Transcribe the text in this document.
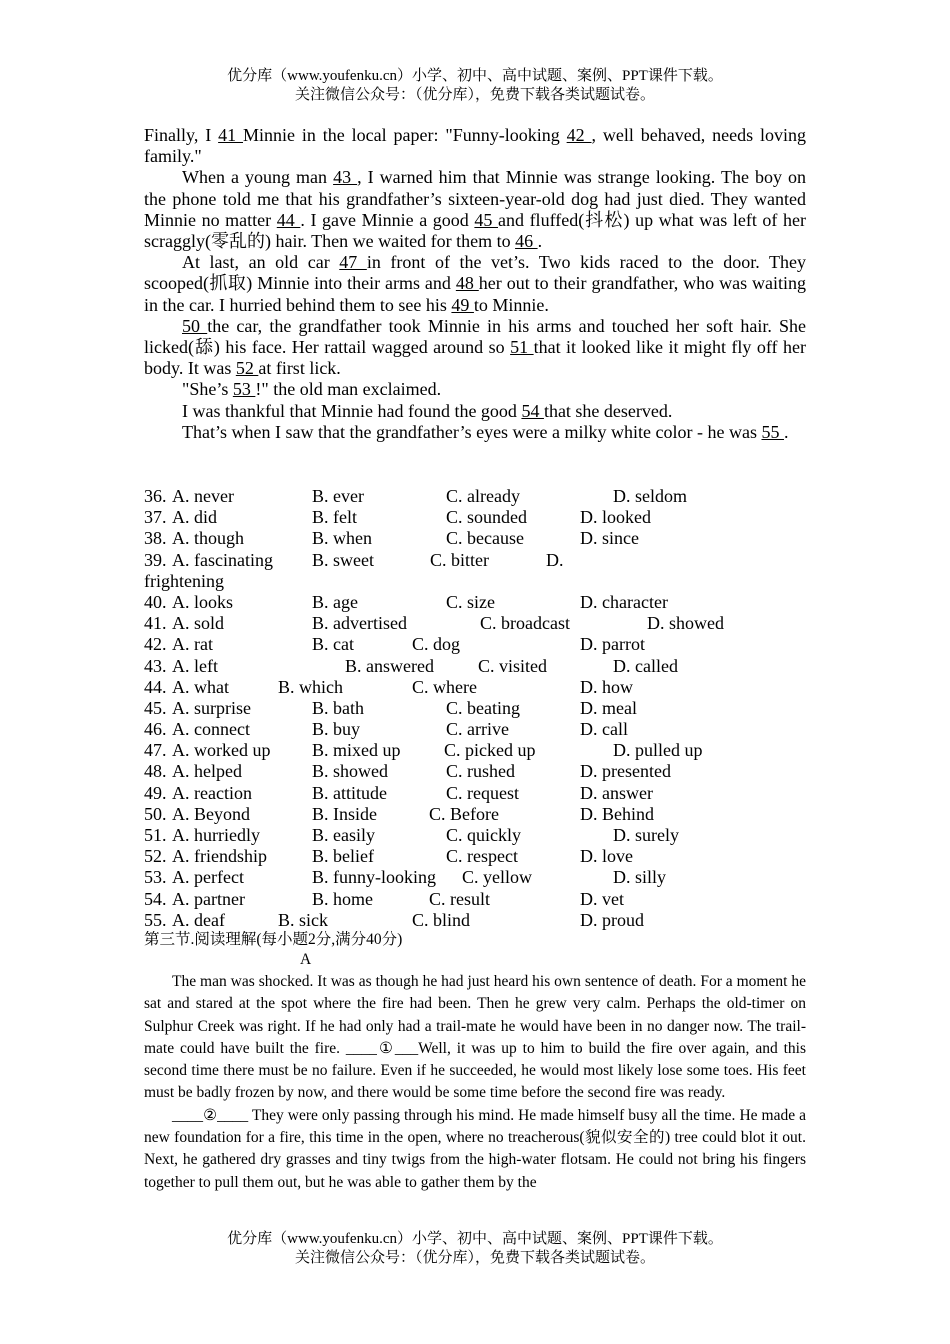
优分库（www.youfenku.cn）小学、初中、高中试题、案例、PPT课件下载。
关注微信公众号：（优分库），免费下载各类试题试卷。

Finally, I 41 Minnie in the local paper: "Funny-looking 42 , well behaved, needs loving family."

When a young man 43 , I warned him that Minnie was strange looking. The boy on the phone told me that his grandfather’s sixteen-year-old dog had just died. They wanted Minnie no matter 44 . I gave Minnie a good 45 and fluffed(抖松) up what was left of her scraggly(零乱的) hair. Then we waited for them to 46 .

At last, an old car 47 in front of the vet’s. Two kids raced to the door. They scooped(抓取) Minnie into their arms and 48 her out to their grandfather, who was waiting in the car. I hurried behind them to see his 49 to Minnie.

50 the car, the grandfather took Minnie in his arms and touched her soft hair. She licked(舔) his face. Her rattail wagged around so 51 that it looked like it might fly off her body. It was 52 at first lick.

"She’s 53 !" the old man exclaimed.

I was thankful that Minnie had found the good 54 that she deserved.

That’s when I saw that the grandfather’s eyes were a milky white color - he was 55 .

36. A. never	B. ever	C. already	D. seldom
37. A. did	B. felt	C. sounded	D. looked
38. A. though	B. when	C. because	D. since
39. A. fascinating B. sweet	C. bitter	D.
frightening
40. A. looks	B. age	C. size	D. character
41. A. sold	B. advertised	C. broadcast	D. showed
42. A. rat	B. cat	C. dog	D. parrot
43. A. left	B. answered C. visited	D. called
44. A. what	B. which	C. where	D. how
45. A. surprise	B. bath	C. beating	D. meal
46. A. connect	B. buy	C. arrive	D. call
47. A. worked up B. mixed up C. picked up	D. pulled up
48. A. helped	B. showed	C. rushed	D. presented
49. A. reaction	B. attitude	C. request	D. answer
50. A. Beyond	B. Inside	C. Before	D. Behind
51. A. hurriedly	B. easily	C. quickly	D. surely
52. A. friendship	B. belief	C. respect	D. love
53. A. perfect	B. funny-looking C. yellow	D. silly
54. A. partner	B. home	C. result	D. vet
55. A. deaf	B. sick	C. blind	D. proud
第三节.阅读理解(每小题2分,满分40分)
A

The man was shocked. It was as though he had just heard his own sentence of death. For a moment he sat and stared at the spot where the fire had been. Then he grew very calm. Perhaps the old-timer on Sulphur Creek was right. If he had only had a trail-mate he would have been in no danger now. The trail-mate could have built the fire. ____①___Well, it was up to him to build the fire over again, and this second time there must be no failure. Even if he succeeded, he would most likely lose some toes. His feet must be badly frozen by now, and there would be some time before the second fire was ready.

____②____ They were only passing through his mind. He made himself busy all the time. He made a new foundation for a fire, this time in the open, where no treacherous(貌似安全的) tree could blot it out. Next, he gathered dry grasses and tiny twigs from the high-water flotsam. He could not bring his fingers together to pull them out, but he was able to gather them by the

优分库（www.youfenku.cn）小学、初中、高中试题、案例、PPT课件下载。
关注微信公众号：（优分库），免费下载各类试题试卷。
